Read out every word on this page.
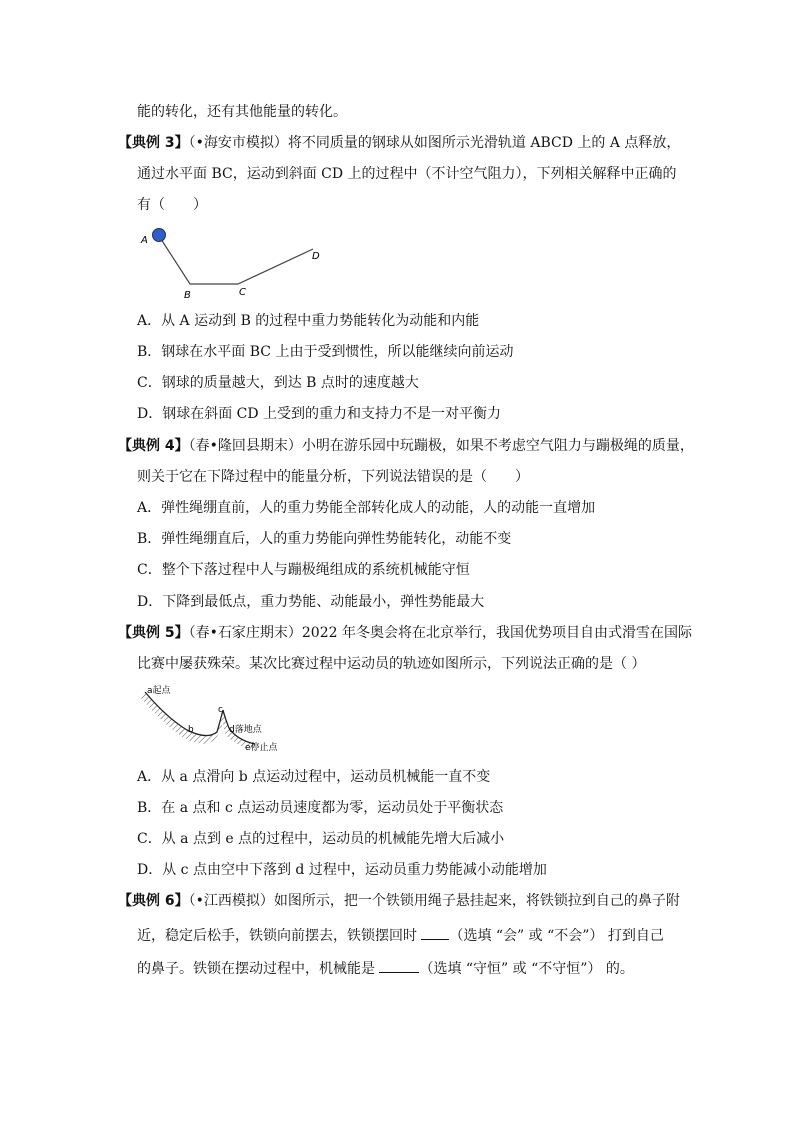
能的转化，还有其他能量的转化。
【典例 3】（•海安市模拟）将不同质量的钢球从如图所示光滑轨道 ABCD 上的 A 点释放，
通过水平面 BC，运动到斜面 CD 上的过程中（不计空气阻力），下列相关解释中正确的
有（　　）
A
B	C
D
A．从 A 运动到 B 的过程中重力势能转化为动能和内能
B．钢球在水平面 BC 上由于受到惯性，所以能继续向前运动
C．钢球的质量越大，到达 B 点时的速度越大
D．钢球在斜面 CD 上受到的重力和支持力不是一对平衡力
【典例 4】（春•隆回县期末）小明在游乐园中玩蹦极，如果不考虑空气阻力与蹦极绳的质量，
则关于它在下降过程中的能量分析，下列说法错误的是（　　）
A．弹性绳绷直前，人的重力势能全部转化成人的动能，人的动能一直增加
B．弹性绳绷直后，人的重力势能向弹性势能转化，动能不变
C．整个下落过程中人与蹦极绳组成的系统机械能守恒
D．下降到最低点，重力势能、动能最小，弹性势能最大
【典例 5】（春•石家庄期末）2022 年冬奥会将在北京举行，我国优势项目自由式滑雪在国际
比赛中屡获殊荣。某次比赛过程中运动员的轨迹如图所示，下列说法正确的是（ ）
a起点
b
c
d落地点
e停止点
A．从 a 点滑向 b 点运动过程中，运动员机械能一直不变
B．在 a 点和 c 点运动员速度都为零，运动员处于平衡状态
C．从 a 点到 e 点的过程中，运动员的机械能先增大后减小
D．从 c 点由空中下落到 d 过程中，运动员重力势能减小动能增加
【典例 6】（•江西模拟）如图所示，把一个铁锁用绳子悬挂起来，将铁锁拉到自己的鼻子附
近，稳定后松手，铁锁向前摆去，铁锁摆回时 （选填 “会” 或 “不会”） 打到自己
的鼻子。铁锁在摆动过程中，机械能是	（选填 “守恒” 或 “不守恒”） 的。
